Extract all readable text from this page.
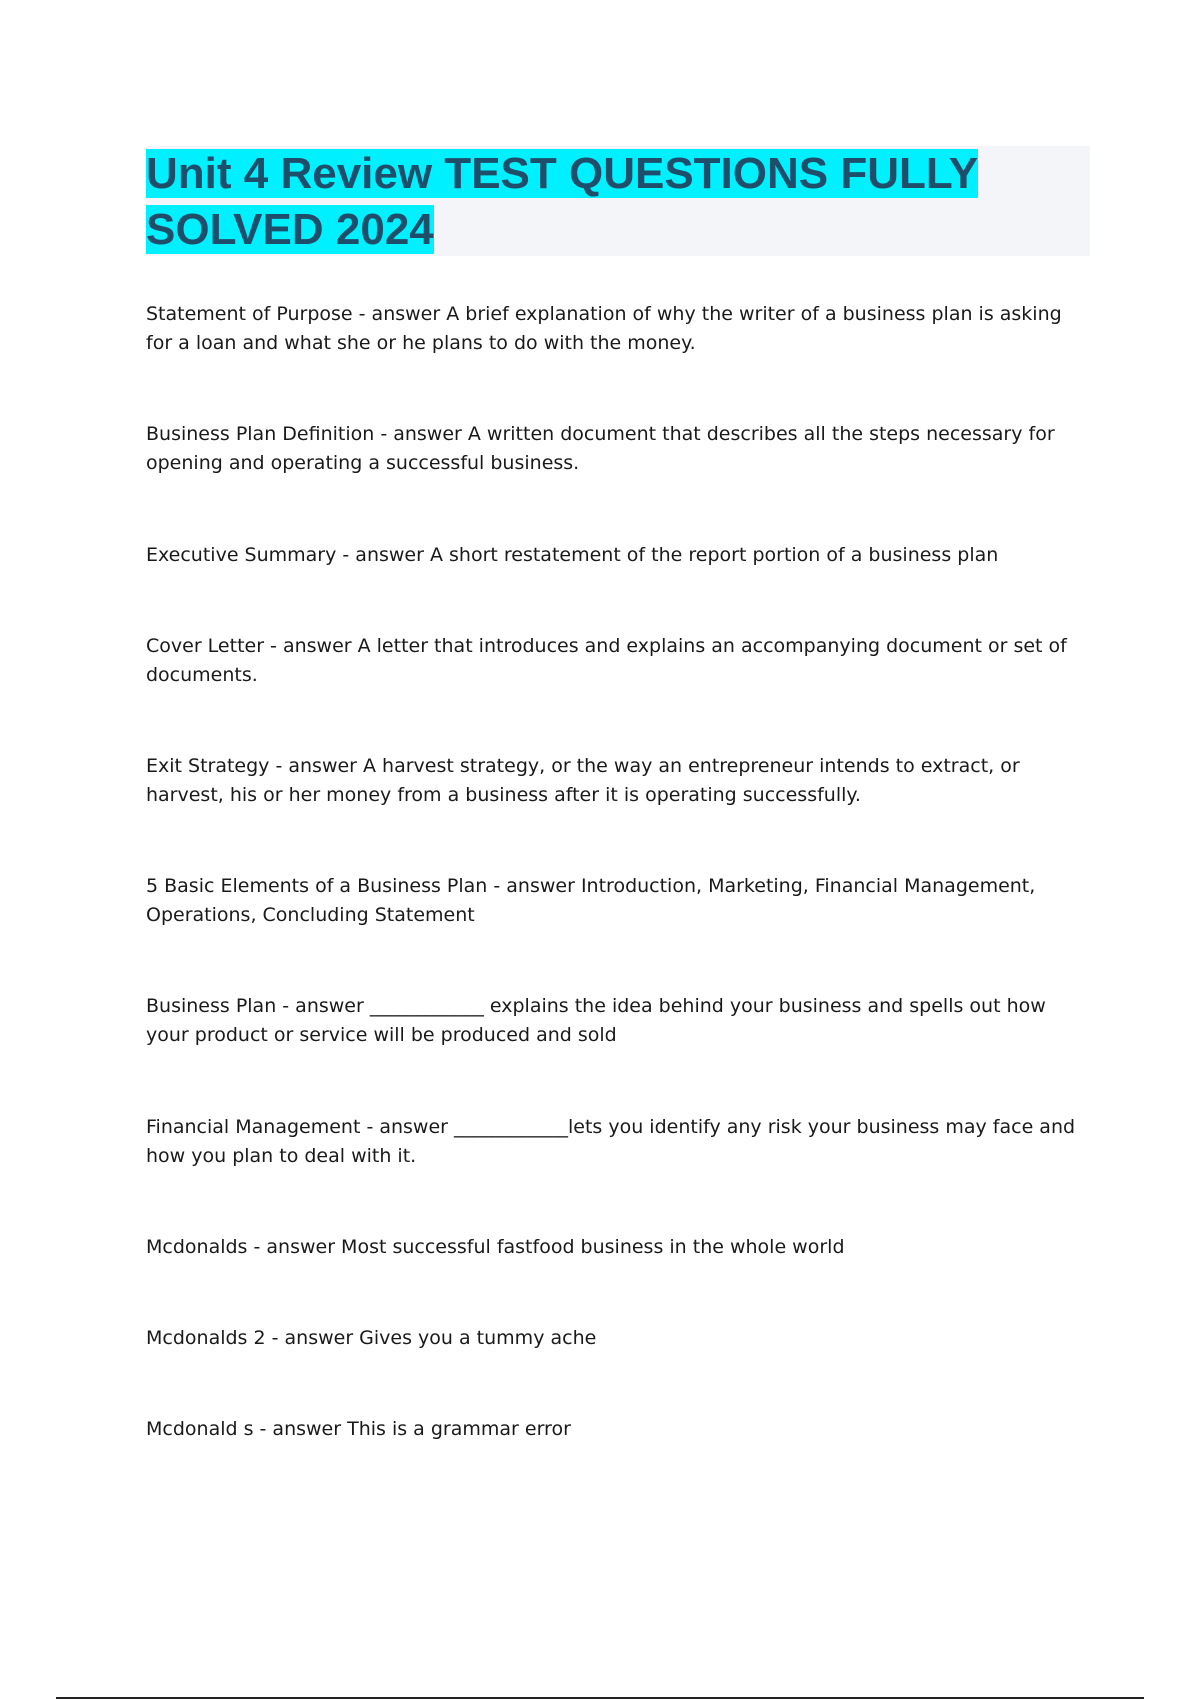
Unit 4 Review TEST QUESTIONS FULLY SOLVED 2024

Statement of Purpose - answer A brief explanation of why the writer of a business plan is asking for a loan and what she or he plans to do with the money.

Business Plan Definition - answer A written document that describes all the steps necessary for opening and operating a successful business.

Executive Summary - answer A short restatement of the report portion of a business plan

Cover Letter - answer A letter that introduces and explains an accompanying document or set of documents.

Exit Strategy - answer A harvest strategy, or the way an entrepreneur intends to extract, or harvest, his or her money from a business after it is operating successfully.

5 Basic Elements of a Business Plan - answer Introduction, Marketing, Financial Management, Operations, Concluding Statement

Business Plan - answer ____________ explains the idea behind your business and spells out how your product or service will be produced and sold

Financial Management - answer ____________lets you identify any risk your business may face and how you plan to deal with it.

Mcdonalds - answer Most successful fastfood business in the whole world

Mcdonalds 2 - answer Gives you a tummy ache

Mcdonald s - answer This is a grammar error
